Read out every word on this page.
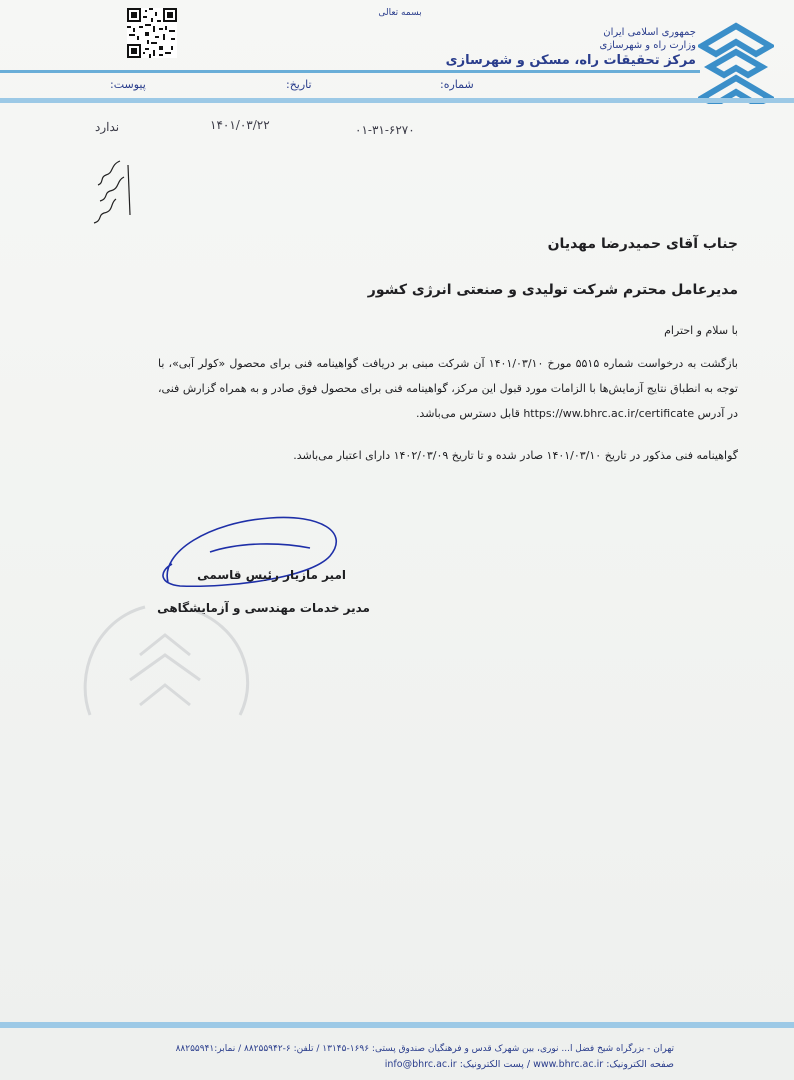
بسمه تعالی
جمهوری اسلامی ایران
وزارت راه و شهرسازی
مرکز تحقیقات راه، مسکن و شهرسازی
شماره:
تاریخ:
پیوست:
۰۱-۳۱-۶۲۷۰
۱۴۰۱/۰۳/۲۲
ندارد
جناب آقای حمیدرضا مهدیان
مدیرعامل محترم شرکت تولیدی و صنعتی انرژی کشور
با سلام و احترام
بازگشت به درخواست شماره ۵۵۱۵ مورخ ۱۴۰۱/۰۳/۱۰ آن شرکت مبنی بر دریافت گواهینامه فنی برای محصول «کولر آبی»، با توجه به انطباق نتایج آزمایش‌ها با الزامات مورد قبول این مرکز، گواهینامه فنی برای محصول فوق صادر و به همراه گزارش فنی، در آدرس https://ww.bhrc.ac.ir/certificate قابل دسترس می‌باشد.
گواهینامه فنی مذکور در تاریخ ۱۴۰۱/۰۳/۱۰ صادر شده و تا تاریخ ۱۴۰۲/۰۳/۰۹ دارای اعتبار می‌باشد.
امیر مازیار رئیس قاسمی
مدیر خدمات مهندسی و آزمایشگاهی
تهران - بزرگراه شیخ فضل ا... نوری، بین شهرک قدس و فرهنگیان صندوق پستی: ۱۶۹۶-۱۳۱۴۵ / تلفن: ۶-۸۸۲۵۵۹۴۲ / نمابر:۸۸۲۵۵۹۴۱
صفحه الکترونیک: www.bhrc.ac.ir / پست الکترونیک: info@bhrc.ac.ir
